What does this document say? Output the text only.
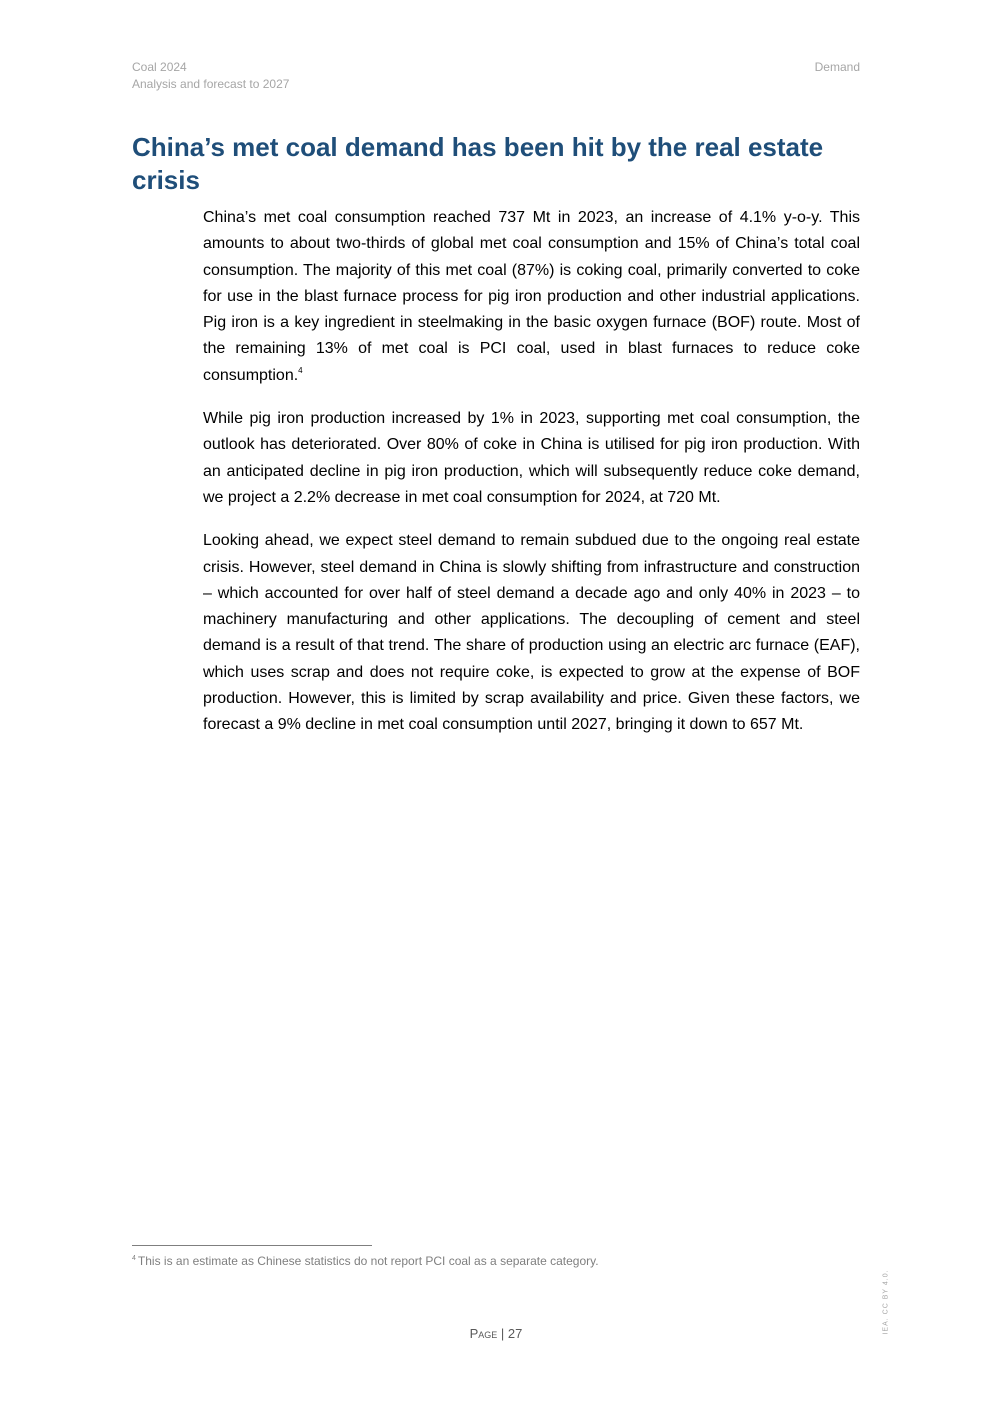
Coal 2024
Analysis and forecast to 2027
Demand
China’s met coal demand has been hit by the real estate crisis

China’s met coal consumption reached 737 Mt in 2023, an increase of 4.1% y-o-y. This amounts to about two-thirds of global met coal consumption and 15% of China’s total coal consumption. The majority of this met coal (87%) is coking coal, primarily converted to coke for use in the blast furnace process for pig iron production and other industrial applications. Pig iron is a key ingredient in steelmaking in the basic oxygen furnace (BOF) route. Most of the remaining 13% of met coal is PCI coal, used in blast furnaces to reduce coke consumption.$^4$

While pig iron production increased by 1% in 2023, supporting met coal consumption, the outlook has deteriorated. Over 80% of coke in China is utilised for pig iron production. With an anticipated decline in pig iron production, which will subsequently reduce coke demand, we project a 2.2% decrease in met coal consumption for 2024, at 720 Mt.

Looking ahead, we expect steel demand to remain subdued due to the ongoing real estate crisis. However, steel demand in China is slowly shifting from infrastructure and construction – which accounted for over half of steel demand a decade ago and only 40% in 2023 – to machinery manufacturing and other applications. The decoupling of cement and steel demand is a result of that trend. The share of production using an electric arc furnace (EAF), which uses scrap and does not require coke, is expected to grow at the expense of BOF production. However, this is limited by scrap availability and price. Given these factors, we forecast a 9% decline in met coal consumption until 2027, bringing it down to 657 Mt.

$^4$ This is an estimate as Chinese statistics do not report PCI coal as a separate category.
Page | 27	IEA. CC BY 4.0.
